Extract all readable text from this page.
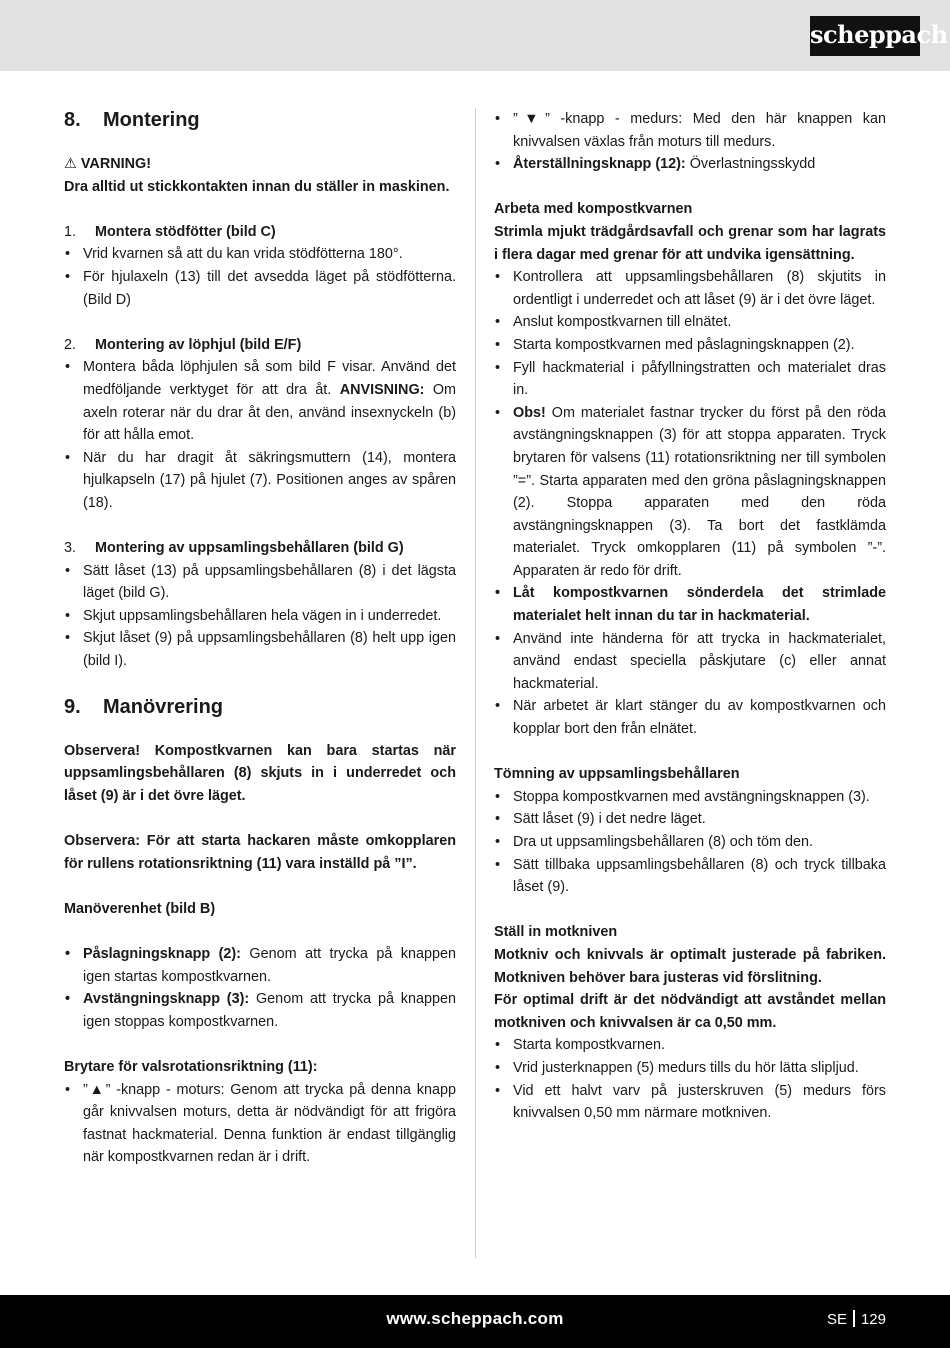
scheppach
8. Montering
⚠ VARNING!
Dra alltid ut stickkontakten innan du ställer in maskinen.
1. Montera stödfötter (bild C)
• Vrid kvarnen så att du kan vrida stödfötterna 180°.
• För hjulaxeln (13) till det avsedda läget på stödfötterna. (Bild D)
2. Montering av löphjul (bild E/F)
• Montera båda löphjulen så som bild F visar. Använd det medföljande verktyget för att dra åt. ANVISNING: Om axeln roterar när du drar åt den, använd insexnyckeln (b) för att hålla emot.
• När du har dragit åt säkringsmuttern (14), montera hjulkapseln (17) på hjulet (7). Positionen anges av spåren (18).
3. Montering av uppsamlingsbehållaren (bild G)
• Sätt låset (13) på uppsamlingsbehållaren (8) i det lägsta läget (bild G).
• Skjut uppsamlingsbehållaren hela vägen in i underredet.
• Skjut låset (9) på uppsamlingsbehållaren (8) helt upp igen (bild I).
9. Manövrering
Observera! Kompostkvarnen kan bara startas när uppsamlingsbehållaren (8) skjuts in i underredet och låset (9) är i det övre läget.
Observera: För att starta hackaren måste omkopplaren för rullens rotationsriktning (11) vara inställd på ”I”.
Manöverenhet (bild B)
• Påslagningsknapp (2): Genom att trycka på knappen igen startas kompostkvarnen.
• Avstängningsknapp (3): Genom att trycka på knappen igen stoppas kompostkvarnen.
Brytare för valsrotationsriktning (11):
• ”▲” -knapp - moturs: Genom att trycka på denna knapp går knivvalsen moturs, detta är nödvändigt för att frigöra fastnat hackmaterial. Denna funktion är endast tillgänglig när kompostkvarnen redan är i drift.
• ”▼” -knapp - medurs: Med den här knappen kan knivvalsen växlas från moturs till medurs.
• Återställningsknapp (12): Överlastningsskydd
Arbeta med kompostkvarnen
Strimla mjukt trädgårdsavfall och grenar som har lagrats i flera dagar med grenar för att undvika igensättning.
• Kontrollera att uppsamlingsbehållaren (8) skjutits in ordentligt i underredet och att låset (9) är i det övre läget.
• Anslut kompostkvarnen till elnätet.
• Starta kompostkvarnen med påslagningsknappen (2).
• Fyll hackmaterial i påfyllningstratten och materialet dras in.
• Obs! Om materialet fastnar trycker du först på den röda avstängningsknappen (3) för att stoppa apparaten. Tryck brytaren för valsens (11) rotationsriktning ner till symbolen ”=”. Starta apparaten med den gröna påslagningsknappen (2). Stoppa apparaten med den röda avstängningsknappen (3). Ta bort det fastklämda materialet. Tryck omkopplaren (11) på symbolen ”-”. Apparaten är redo för drift.
• Låt kompostkvarnen sönderdela det strimlade materialet helt innan du tar in hackmaterial.
• Använd inte händerna för att trycka in hackmaterialet, använd endast speciella påskjutare (c) eller annat hackmaterial.
• När arbetet är klart stänger du av kompostkvarnen och kopplar bort den från elnätet.
Tömning av uppsamlingsbehållaren
• Stoppa kompostkvarnen med avstängningsknappen (3).
• Sätt låset (9) i det nedre läget.
• Dra ut uppsamlingsbehållaren (8) och töm den.
• Sätt tillbaka uppsamlingsbehållaren (8) och tryck tillbaka låset (9).
Ställ in motkniven
Motkniv och knivvals är optimalt justerade på fabriken. Motkniven behöver bara justeras vid förslitning.
För optimal drift är det nödvändigt att avståndet mellan motkniven och knivvalsen är ca 0,50 mm.
• Starta kompostkvarnen.
• Vrid justerknappen (5) medurs tills du hör lätta slipljud.
• Vid ett halvt varv på justerskruven (5) medurs förs knivvalsen 0,50 mm närmare motkniven.
www.scheppach.com	SE 129
